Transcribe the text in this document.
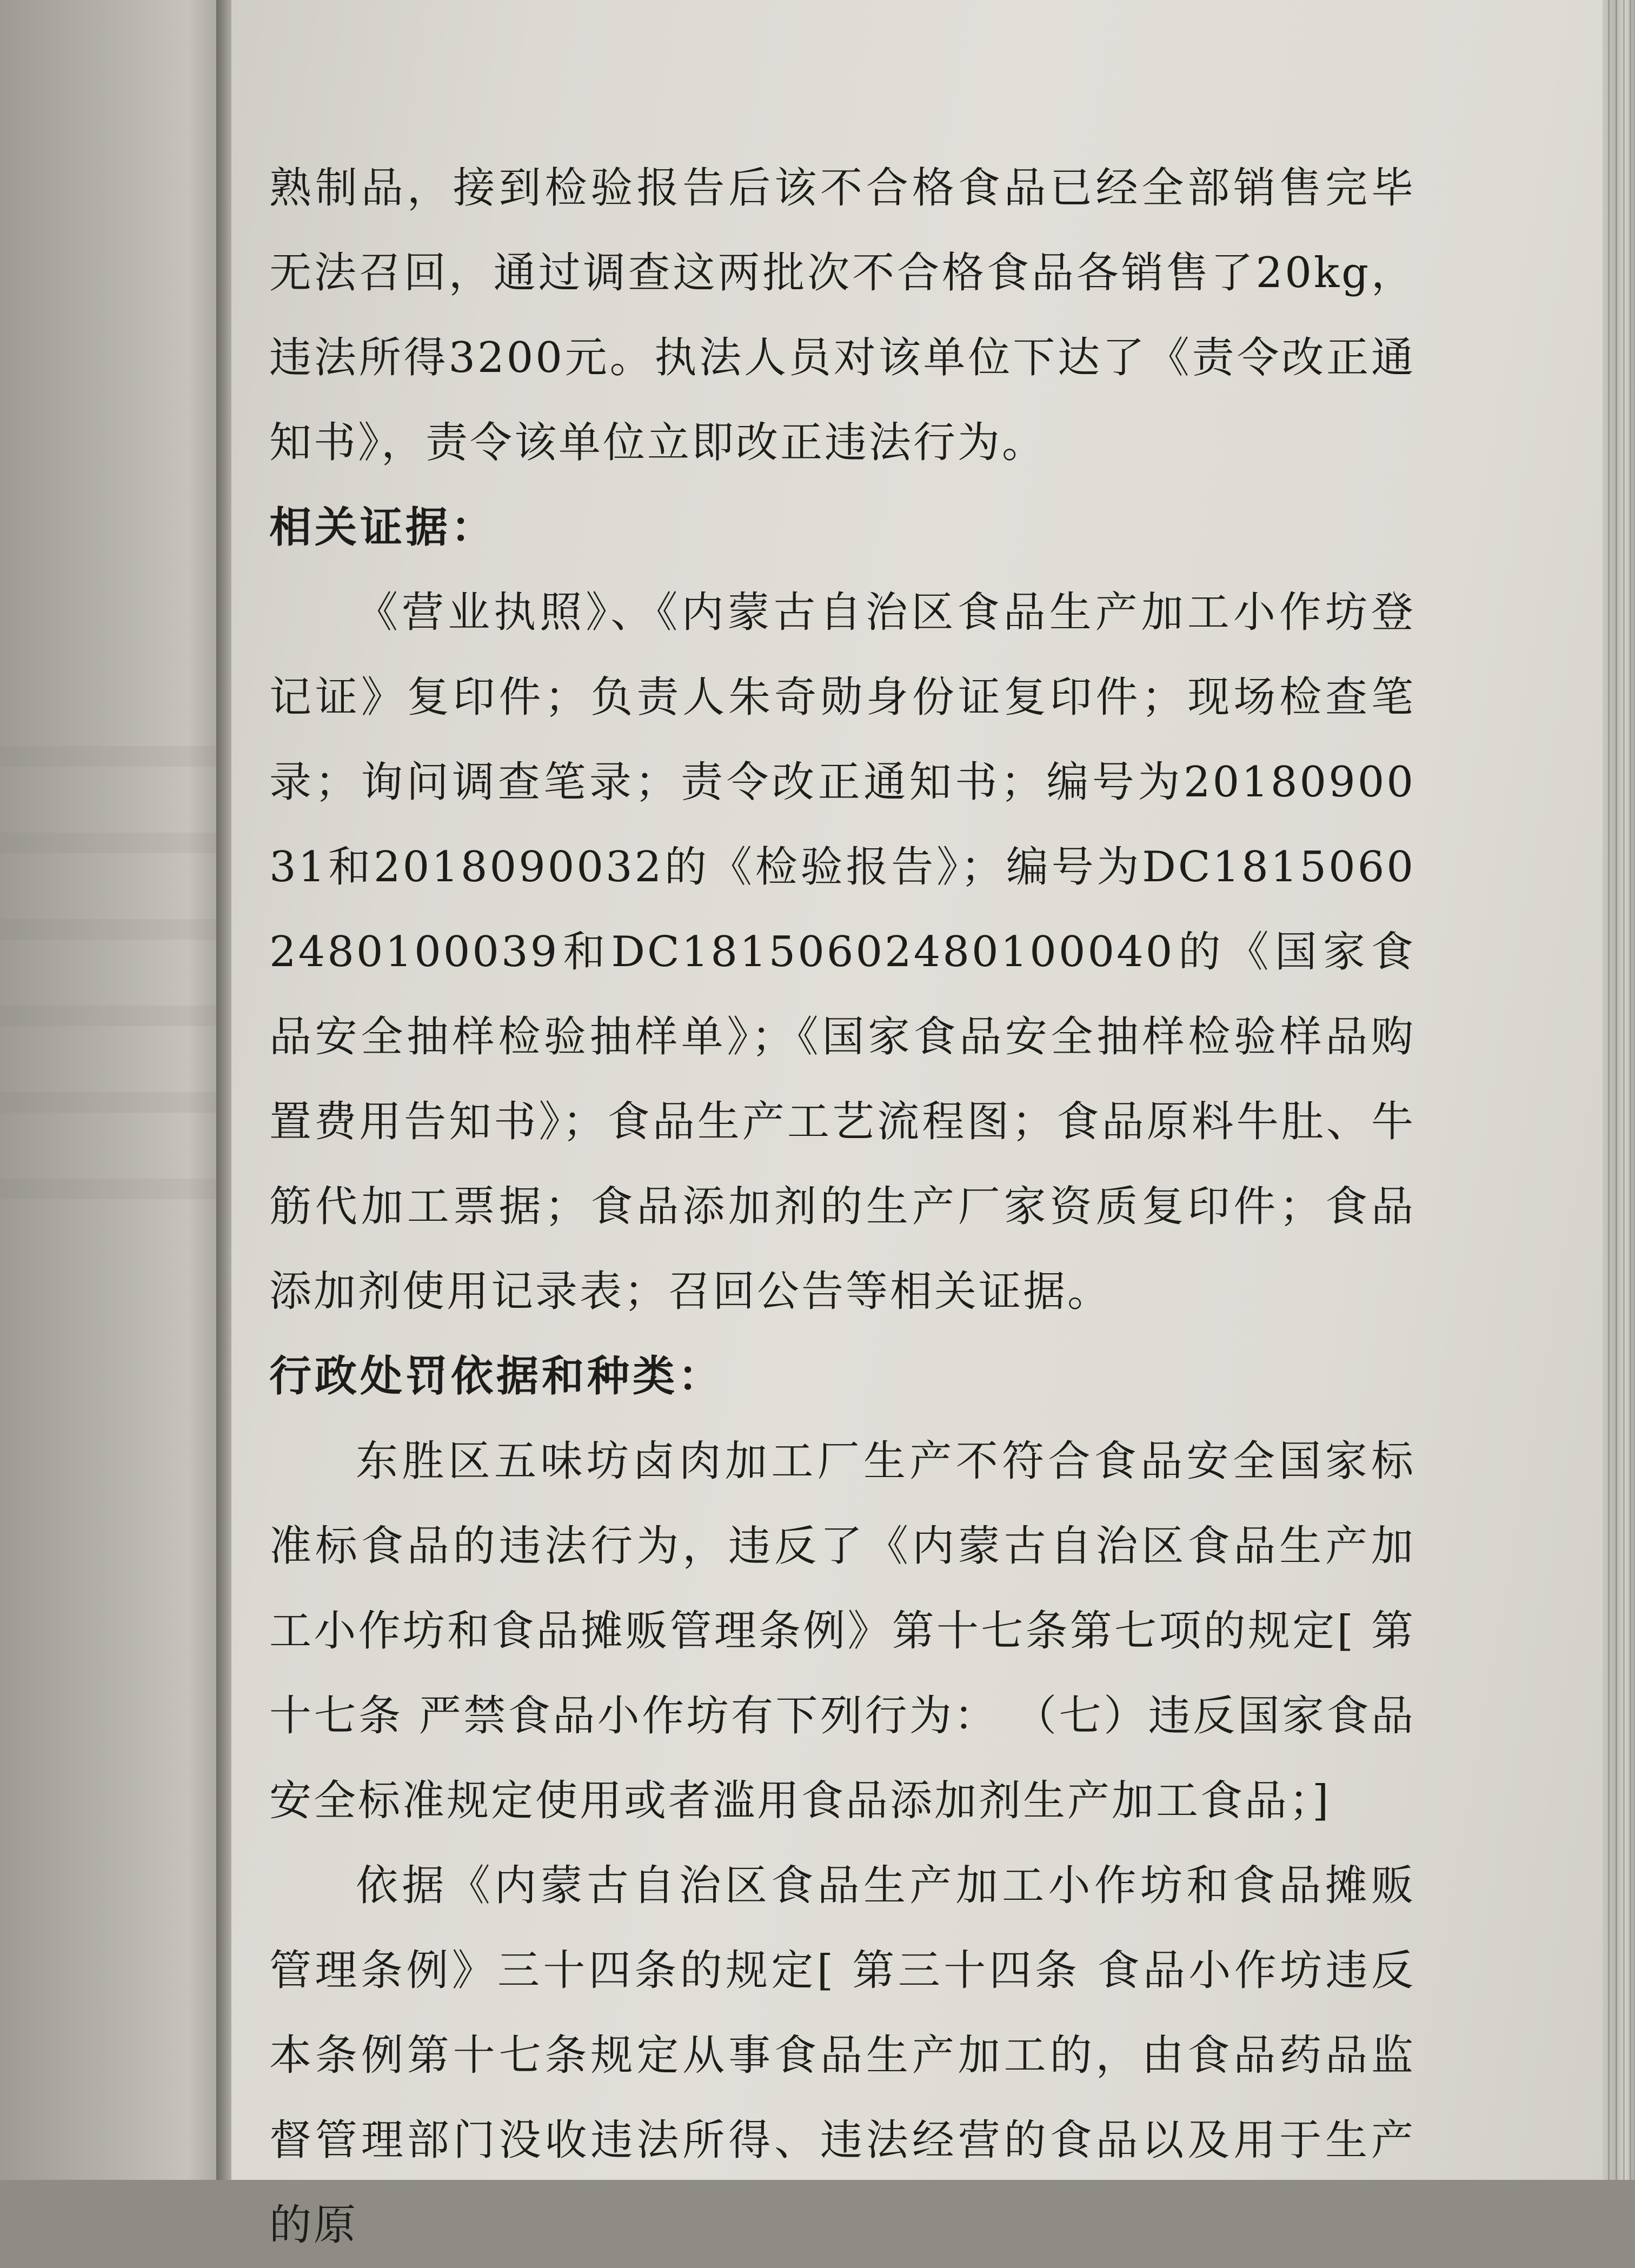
熟制品，接到检验报告后该不合格食品已经全部销售完毕无法召回，通过调查这两批次不合格食品各销售了20kg，违法所得3200元。执法人员对该单位下达了《责令改正通知书》，责令该单位立即改正违法行为。

相关证据：

《营业执照》、《内蒙古自治区食品生产加工小作坊登记证》复印件；负责人朱奇勋身份证复印件；现场检查笔录；询问调查笔录；责令改正通知书；编号为2018090031和2018090032的《检验报告》；编号为DC18150602480100039和DC18150602480100040的《国家食品安全抽样检验抽样单》；《国家食品安全抽样检验样品购置费用告知书》；食品生产工艺流程图；食品原料牛肚、牛筋代加工票据；食品添加剂的生产厂家资质复印件；食品添加剂使用记录表；召回公告等相关证据。

行政处罚依据和种类：

东胜区五味坊卤肉加工厂生产不符合食品安全国家标准标食品的违法行为，违反了《内蒙古自治区食品生产加工小作坊和食品摊贩管理条例》第十七条第七项的规定[ 第十七条 严禁食品小作坊有下列行为： （七）违反国家食品安全标准规定使用或者滥用食品添加剂生产加工食品；]

依据《内蒙古自治区食品生产加工小作坊和食品摊贩管理条例》三十四条的规定[ 第三十四条 食品小作坊违反本条例第十七条规定从事食品生产加工的，由食品药品监督管理部门没收违法所得、违法经营的食品以及用于生产的原
